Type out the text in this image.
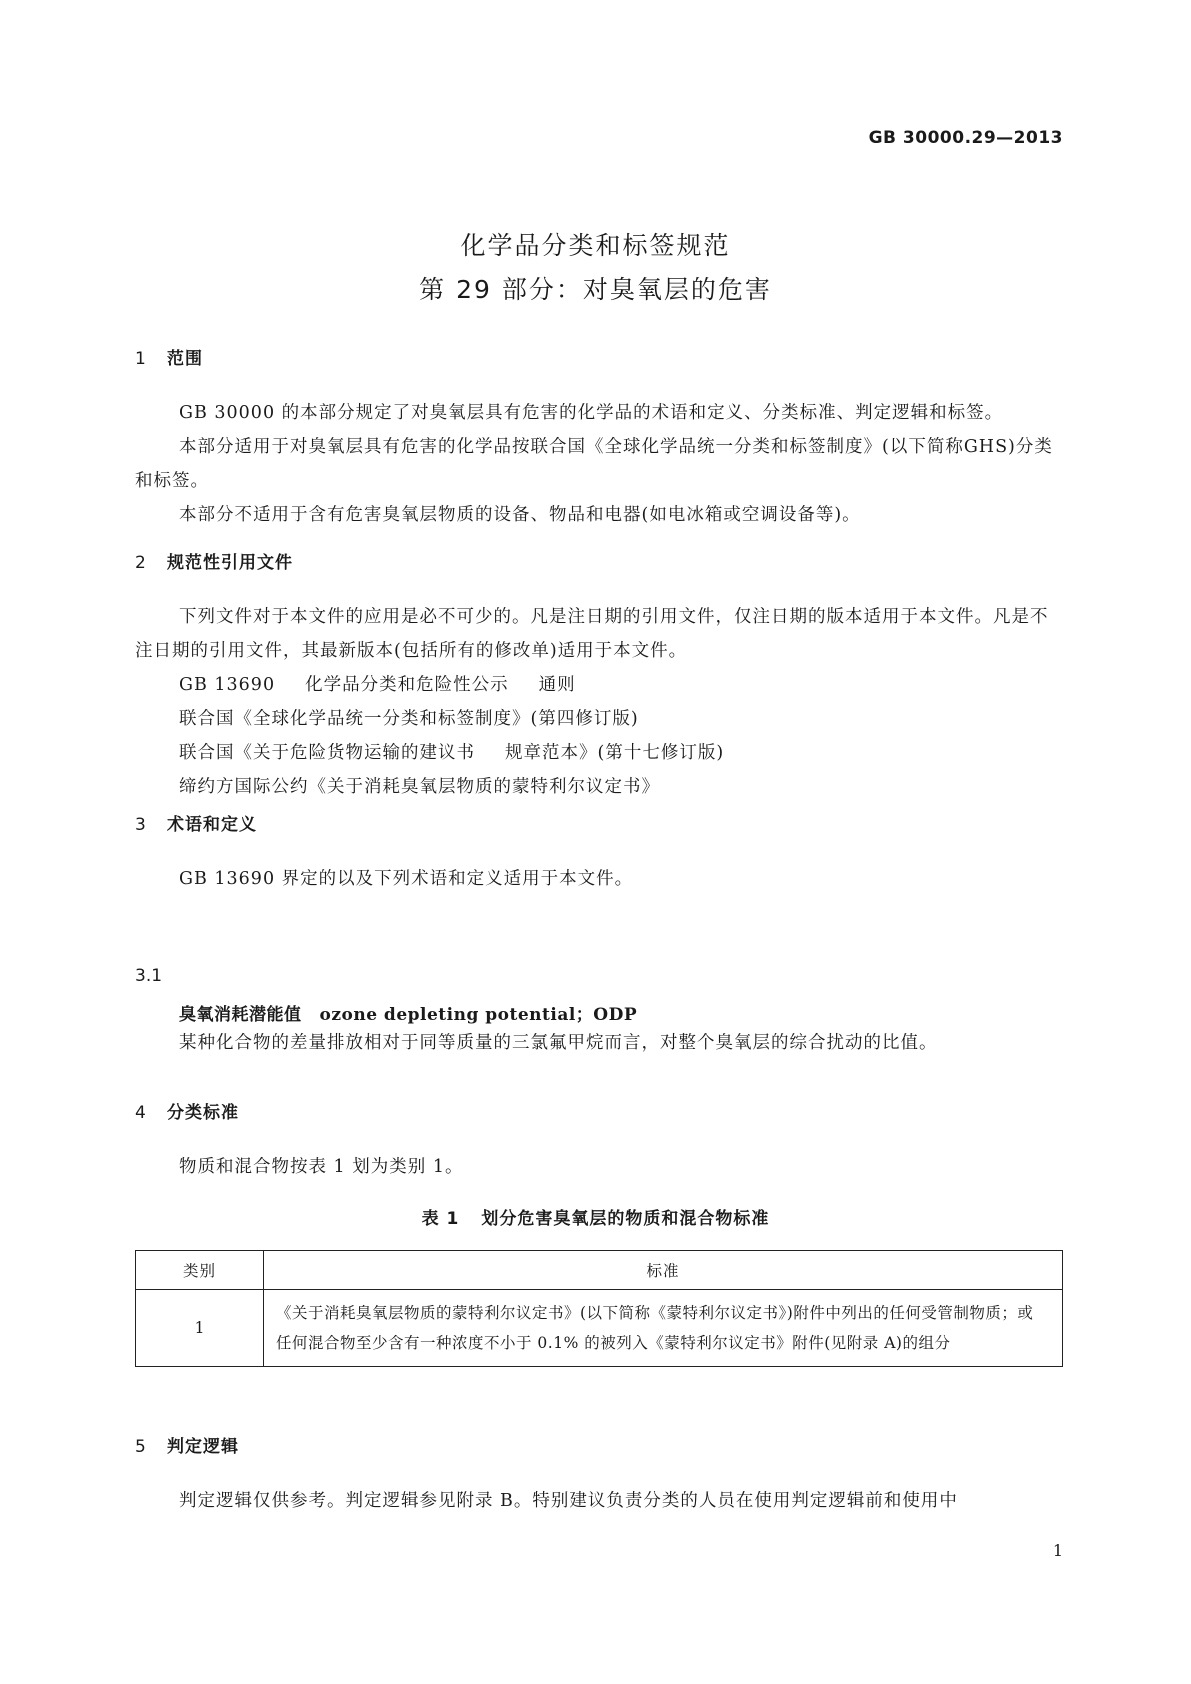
GB 30000.29—2013
化学品分类和标签规范
第 29 部分：对臭氧层的危害
1 范围

GB 30000 的本部分规定了对臭氧层具有危害的化学品的术语和定义、分类标准、判定逻辑和标签。

本部分适用于对臭氧层具有危害的化学品按联合国《全球化学品统一分类和标签制度》(以下简称GHS)分类和标签。

本部分不适用于含有危害臭氧层物质的设备、物品和电器(如电冰箱或空调设备等)。

2 规范性引用文件

下列文件对于本文件的应用是必不可少的。凡是注日期的引用文件，仅注日期的版本适用于本文件。凡是不注日期的引用文件，其最新版本(包括所有的修改单)适用于本文件。

GB 13690 化学品分类和危险性公示 通则

联合国《全球化学品统一分类和标签制度》(第四修订版)

联合国《关于危险货物运输的建议书 规章范本》(第十七修订版)

缔约方国际公约《关于消耗臭氧层物质的蒙特利尔议定书》

3 术语和定义

GB 13690 界定的以及下列术语和定义适用于本文件。

3.1
臭氧消耗潜能值 ozone depleting potential；ODP

某种化合物的差量排放相对于同等质量的三氯氟甲烷而言，对整个臭氧层的综合扰动的比值。

4 分类标准

物质和混合物按表 1 划为类别 1。

表 1 划分危害臭氧层的物质和混合物标准
类别	标准
1	《关于消耗臭氧层物质的蒙特利尔议定书》(以下简称《蒙特利尔议定书》)附件中列出的任何受管制物质；或
任何混合物至少含有一种浓度不小于 0.1% 的被列入《蒙特利尔议定书》附件(见附录 A)的组分
5 判定逻辑

判定逻辑仅供参考。判定逻辑参见附录 B。特别建议负责分类的人员在使用判定逻辑前和使用中

1
